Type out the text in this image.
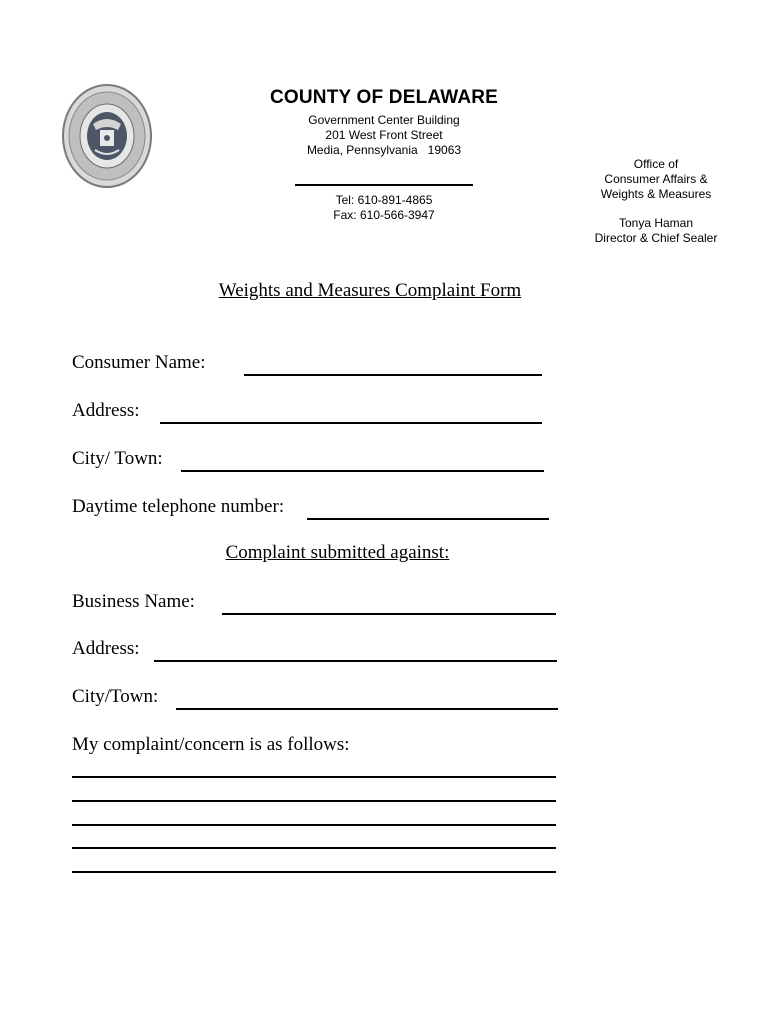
COUNTY OF DELAWARE
Government Center Building
201 West Front Street
Media, Pennsylvania   19063
Tel: 610-891-4865
Fax: 610-566-3947
Office of
Consumer Affairs &
Weights & Measures
Tonya Haman
Director & Chief Sealer
Weights and Measures Complaint Form
Consumer Name:
Address:
City/ Town:
Daytime telephone number:
Complaint submitted against:
Business Name:
Address:
City/Town:
My complaint/concern is as follows:
